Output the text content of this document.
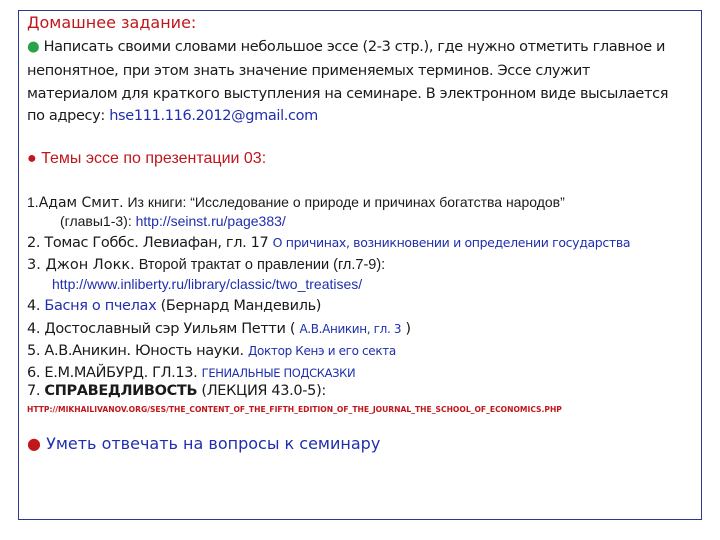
Домашнее задание:
● Написать своими словами небольшое эссе (2-3 стр.), где нужно отметить главное и
непонятное, при этом знать значение применяемых терминов. Эссе служит
материалом для краткого выступления на семинаре. В электронном виде высылается
по адресу: hse111.116.2012@gmail.com
● Темы эссе по презентации 03:
1.Адам Смит. Из книги: “Исследование о природе и причинах богатства народов”
(главы1-3): http://seinst.ru/page383/
2. Томас Гоббс. Левиафан, гл. 17 О причинах, возникновении и определении государства
3. Джон Локк. Второй трактат о правлении (гл.7-9):
http://www.inliberty.ru/library/classic/two_treatises/
4. Басня о пчелах (Бернард Мандевиль)
4. Достославный сэр Уильям Петти ( А.В.Аникин, гл. 3 )
5. А.В.Аникин. Юность науки. Доктор Кенэ и его секта
6. Е.М.МАЙБУРД. ГЛ.13. ГЕНИАЛЬНЫЕ ПОДСКАЗКИ
7. СПРАВЕДЛИВОСТЬ (ЛЕКЦИЯ 43.0-5):
HTTP://MIKHAILIVANOV.ORG/SES/THE_CONTENT_OF_THE_FIFTH_EDITION_OF_THE_JOURNAL_THE_SCHOOL_OF_ECONOMICS.PHP
● Уметь отвечать на вопросы к семинару
